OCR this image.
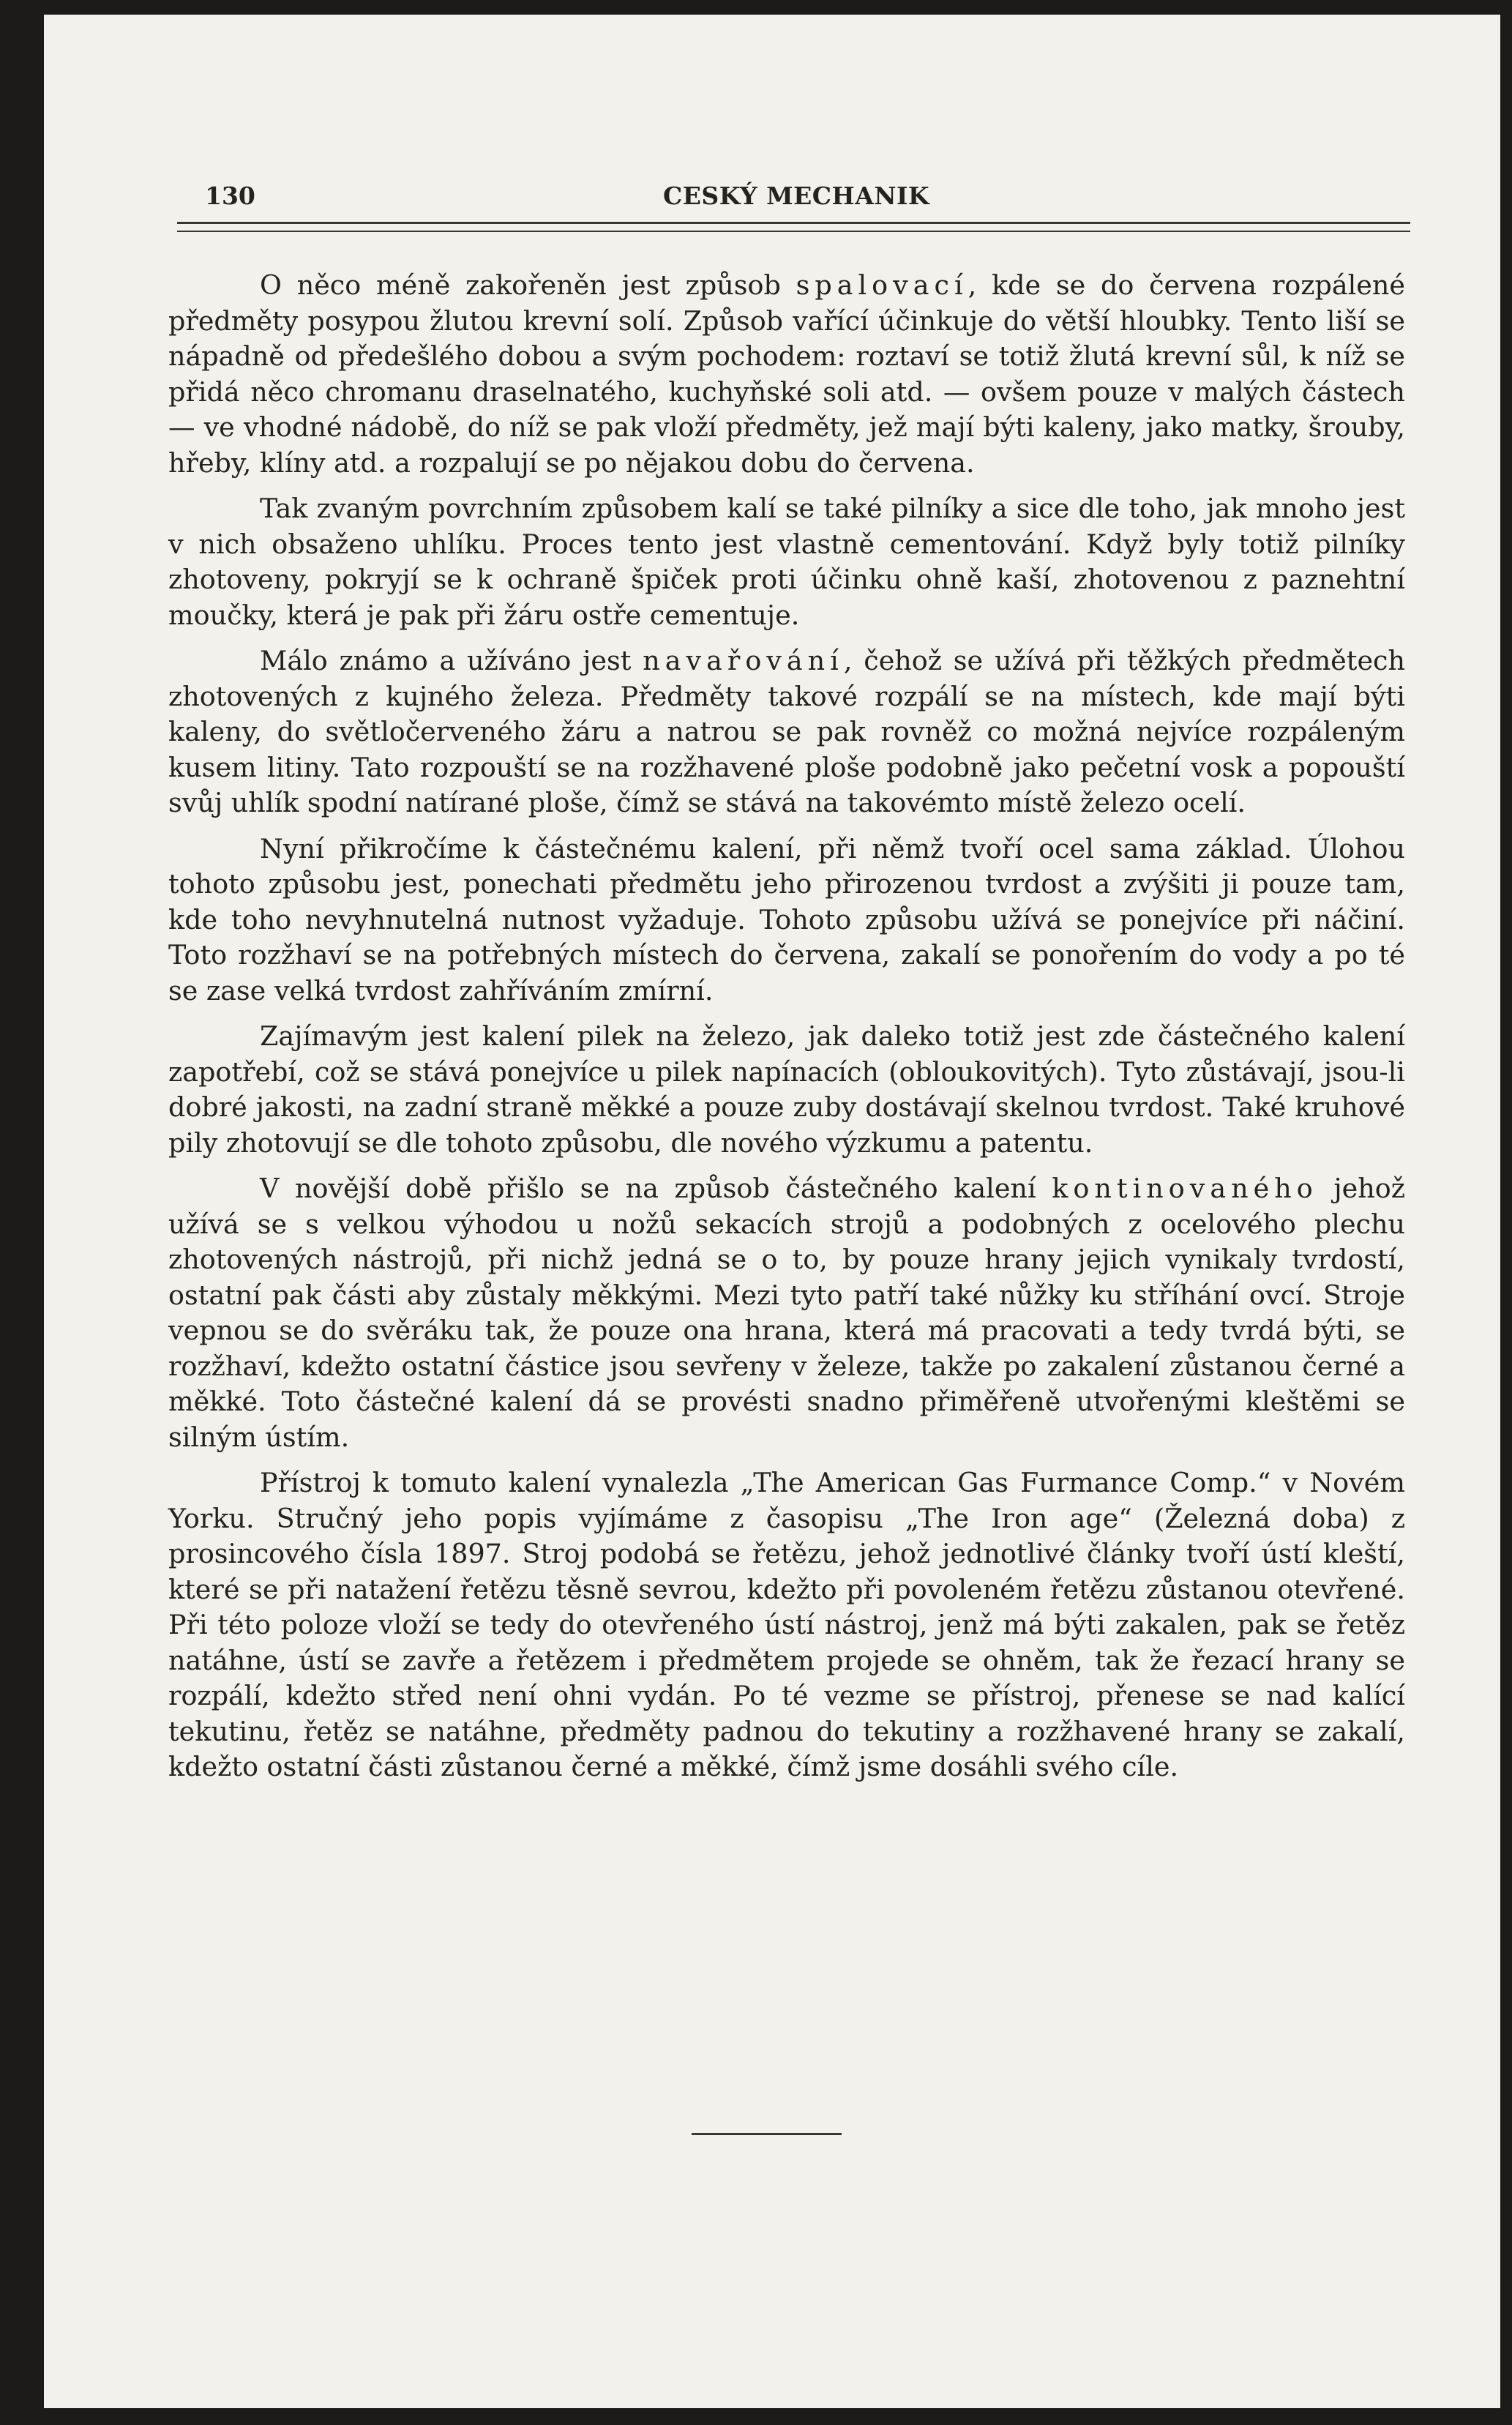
130	CESKÝ MECHANIK

O něco méně zakořeněn jest způsob spalovací, kde se do červena rozpálené předměty posypou žlutou krevní solí. Způsob vařící účinkuje do větší hloubky. Tento liší se nápadně od předešlého dobou a svým pochodem: roztaví se totiž žlutá krevní sůl, k níž se přidá něco chromanu draselnatého, kuchyňské soli atd. — ovšem pouze v malých částech — ve vhodné nádobě, do níž se pak vloží předměty, jež mají býti kaleny, jako matky, šrouby, hřeby, klíny atd. a rozpalují se po nějakou dobu do červena.

Tak zvaným povrchním způsobem kalí se také pilníky a sice dle toho, jak mnoho jest v nich obsaženo uhlíku. Proces tento jest vlastně cementování. Když byly totiž pilníky zhotoveny, pokryjí se k ochraně špiček proti účinku ohně kaší, zhotovenou z paznehtní moučky, která je pak při žáru ostře cementuje.

Málo známo a užíváno jest navařování, čehož se užívá při těžkých předmětech zhotovených z kujného železa. Předměty takové rozpálí se na místech, kde mají býti kaleny, do světločerveného žáru a natrou se pak rovněž co možná nejvíce rozpáleným kusem litiny. Tato rozpouští se na rozžhavené ploše podobně jako pečetní vosk a popouští svůj uhlík spodní natírané ploše, čímž se stává na takovémto místě železo ocelí.

Nyní přikročíme k částečnému kalení, při němž tvoří ocel sama základ. Úlohou tohoto způsobu jest, ponechati předmětu jeho přirozenou tvrdost a zvýšiti ji pouze tam, kde toho nevyhnutelná nutnost vyžaduje. Tohoto způsobu užívá se ponejvíce při náčiní. Toto rozžhaví se na potřebných místech do červena, zakalí se ponořením do vody a po té se zase velká tvrdost zahříváním zmírní.

Zajímavým jest kalení pilek na železo, jak daleko totiž jest zde částečného kalení zapotřebí, což se stává ponejvíce u pilek napínacích (obloukovitých). Tyto zůstávají, jsou-li dobré jakosti, na zadní straně měkké a pouze zuby dostávají skelnou tvrdost. Také kruhové pily zhotovují se dle tohoto způsobu, dle nového výzkumu a patentu.

V novější době přišlo se na způsob částečného kalení kontinovaného jehož užívá se s velkou výhodou u nožů sekacích strojů a podobných z ocelového plechu zhotovených nástrojů, při nichž jedná se o to, by pouze hrany jejich vynikaly tvrdostí, ostatní pak části aby zůstaly měkkými. Mezi tyto patří také nůžky ku stříhání ovcí. Stroje vepnou se do svěráku tak, že pouze ona hrana, která má pracovati a tedy tvrdá býti, se rozžhaví, kdežto ostatní částice jsou sevřeny v železe, takže po zakalení zůstanou černé a měkké. Toto částečné kalení dá se provésti snadno přiměřeně utvořenými kleštěmi se silným ústím.

Přístroj k tomuto kalení vynalezla „The American Gas Furmance Comp.“ v Novém Yorku. Stručný jeho popis vyjímáme z časopisu „The Iron age“ (Železná doba) z prosincového čísla 1897. Stroj podobá se řetězu, jehož jednotlivé články tvoří ústí kleští, které se při natažení řetězu těsně sevrou, kdežto při povoleném řetězu zůstanou otevřené. Při této poloze vloží se tedy do otevřeného ústí nástroj, jenž má býti zakalen, pak se řetěz natáhne, ústí se zavře a řetězem i předmětem projede se ohněm, tak že řezací hrany se rozpálí, kdežto střed není ohni vydán. Po té vezme se přístroj, přenese se nad kalící tekutinu, řetěz se natáhne, předměty padnou do tekutiny a rozžhavené hrany se zakalí, kdežto ostatní části zůstanou černé a měkké, čímž jsme dosáhli svého cíle.
